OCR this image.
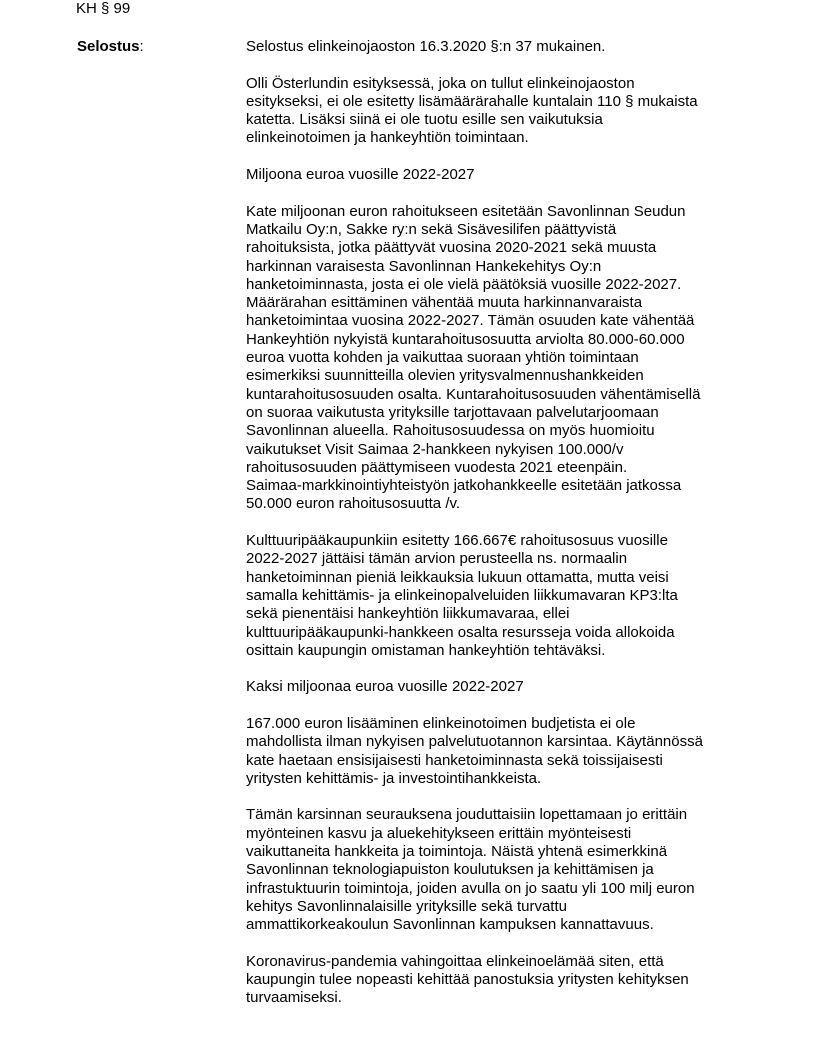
KH § 99

Selostus:	Selostus elinkeinojaoston 16.3.2020 §:n 37 mukainen.

Olli Österlundin esityksessä, joka on tullut elinkeinojaoston
esitykseksi, ei ole esitetty lisämäärärahalle kuntalain 110 § mukaista
katetta. Lisäksi siinä ei ole tuotu esille sen vaikutuksia
elinkeinotoimen ja hankeyhtiön toimintaan.

Miljoona euroa vuosille 2022-2027

Kate miljoonan euron rahoitukseen esitetään Savonlinnan Seudun
Matkailu Oy:n, Sakke ry:n sekä Sisävesilifen päättyvistä
rahoituksista, jotka päättyvät vuosina 2020-2021 sekä muusta
harkinnan varaisesta Savonlinnan Hankekehitys Oy:n
hanketoiminnasta, josta ei ole vielä päätöksiä vuosille 2022-2027.
Määrärahan esittäminen vähentää muuta harkinnanvaraista
hanketoimintaa vuosina 2022-2027. Tämän osuuden kate vähentää
Hankeyhtiön nykyistä kuntarahoitusosuutta arviolta 80.000-60.000
euroa vuotta kohden ja vaikuttaa suoraan yhtiön toimintaan
esimerkiksi suunnitteilla olevien yritysvalmennushankkeiden
kuntarahoitusosuuden osalta. Kuntarahoitusosuuden vähentämisellä
on suoraa vaikutusta yrityksille tarjottavaan palvelutarjoomaan
Savonlinnan alueella. Rahoitusosuudessa on myös huomioitu
vaikutukset Visit Saimaa 2-hankkeen nykyisen 100.000/v
rahoitusosuuden päättymiseen vuodesta 2021 eteenpäin.
Saimaa-markkinointiyhteistyön jatkohankkeelle esitetään jatkossa
50.000 euron rahoitusosuutta /v.

Kulttuuripääkaupunkiin esitetty 166.667€ rahoitusosuus vuosille
2022-2027 jättäisi tämän arvion perusteella ns. normaalin
hanketoiminnan pieniä leikkauksia lukuun ottamatta, mutta veisi
samalla kehittämis- ja elinkeinopalveluiden liikkumavaran KP3:lta
sekä pienentäisi hankeyhtiön liikkumavaraa, ellei
kulttuuripääkaupunki-hankkeen osalta resursseja voida allokoida
osittain kaupungin omistaman hankeyhtiön tehtäväksi.

Kaksi miljoonaa euroa vuosille 2022-2027

167.000 euron lisääminen elinkeinotoimen budjetista ei ole
mahdollista ilman nykyisen palvelutuotannon karsintaa. Käytännössä
kate haetaan ensisijaisesti hanketoiminnasta sekä toissijaisesti
yritysten kehittämis- ja investointihankkeista.

Tämän karsinnan seurauksena jouduttaisiin lopettamaan jo erittäin
myönteinen kasvu ja aluekehitykseen erittäin myönteisesti
vaikuttaneita hankkeita ja toimintoja. Näistä yhtenä esimerkkinä
Savonlinnan teknologiapuiston koulutuksen ja kehittämisen ja
infrastuktuurin toimintoja, joiden avulla on jo saatu yli 100 milj euron
kehitys Savonlinnalaisille yrityksille sekä turvattu
ammattikorkeakoulun Savonlinnan kampuksen kannattavuus.

Koronavirus-pandemia vahingoittaa elinkeinoelämää siten, että
kaupungin tulee nopeasti kehittää panostuksia yritysten kehityksen
turvaamiseksi.
